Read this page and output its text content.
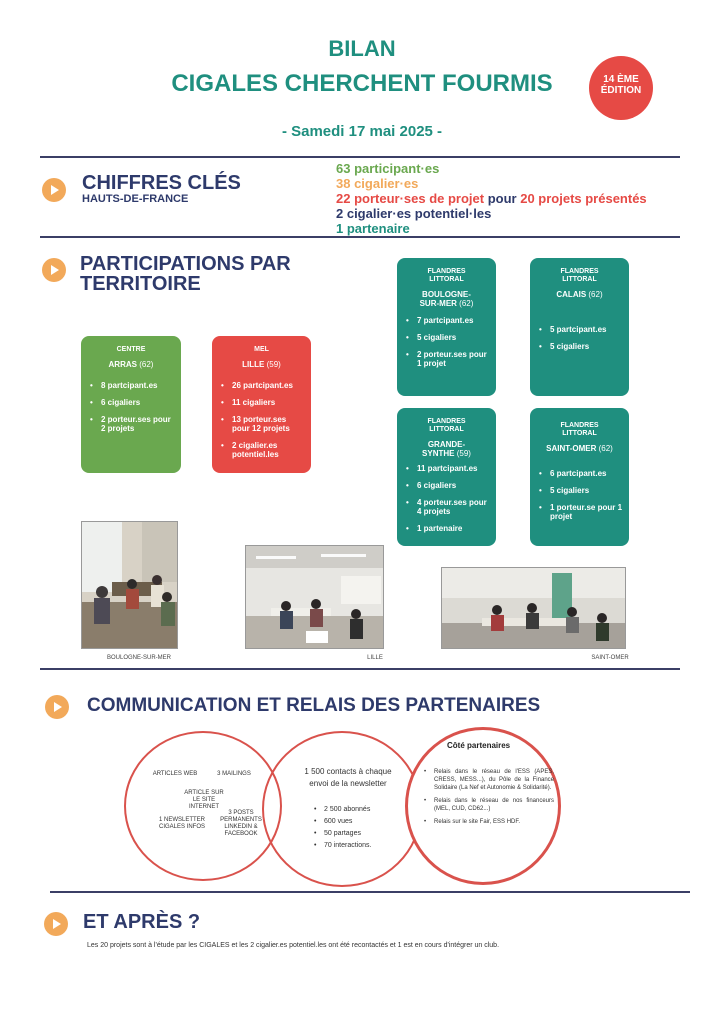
BILAN
CIGALES CHERCHENT FOURMIS
- Samedi 17 mai 2025 -
14 ÈME
ÉDITION
CHIFFRES CLÉS
HAUTS-DE-FRANCE
63 participant·es
38 cigalier·es
22 porteur·ses de projet pour 20 projets présentés
2 cigalier·es potentiel·les
1 partenaire
PARTICIPATIONS PAR
TERRITOIRE
CENTRE
ARRAS (62)
• 8 partcipant.es
• 6 cigaliers
• 2 porteur.ses pour 2 projets
MEL
LILLE (59)
• 26 partcipant.es
• 11 cigaliers
• 13 porteur.ses pour 12 projets
• 2 cigalier.es potentiel.les
FLANDRES LITTORAL
BOULOGNE-SUR-MER (62)
• 7 partcipant.es
• 5 cigaliers
• 2 porteur.ses pour 1 projet
FLANDRES LITTORAL
CALAIS (62)
• 5 partcipant.es
• 5 cigaliers
FLANDRES LITTORAL
GRANDE-SYNTHE (59)
• 11 partcipant.es
• 6 cigaliers
• 4 porteur.ses pour 4 projets
• 1 partenaire
FLANDRES LITTORAL
SAINT-OMER (62)
• 6 partcipant.es
• 5 cigaliers
• 1 porteur.se pour 1 projet
BOULOGNE-SUR-MER	LILLE	SAINT-OMER
COMMUNICATION ET RELAIS DES PARTENAIRES
ARTICLES WEB	3 MAILINGS
ARTICLE SUR LE SITE INTERNET
1 NEWSLETTER CIGALES INFOS
3 POSTS PERMANENTS LINKEDIN & FACEBOOK
1 500 contacts à chaque envoi de la newsletter
• 2 500 abonnés
• 600 vues
• 50 partages
• 70 interactions.
Côté partenaires
• Relais dans le réseau de l'ESS (APES, CRESS, MESS...), du Pôle de la Finance Solidaire (La Nef et Autonomie & Solidarité).
• Relais dans le réseau de nos financeurs (MEL, CUD, CD62...)
• Relais sur le site Fair, ESS HDF.
ET APRÈS ?
Les 20 projets sont à l'étude par les CIGALES et les 2 cigalier.es potentiel.les ont été recontactés et 1 est en cours d'intégrer un club.
